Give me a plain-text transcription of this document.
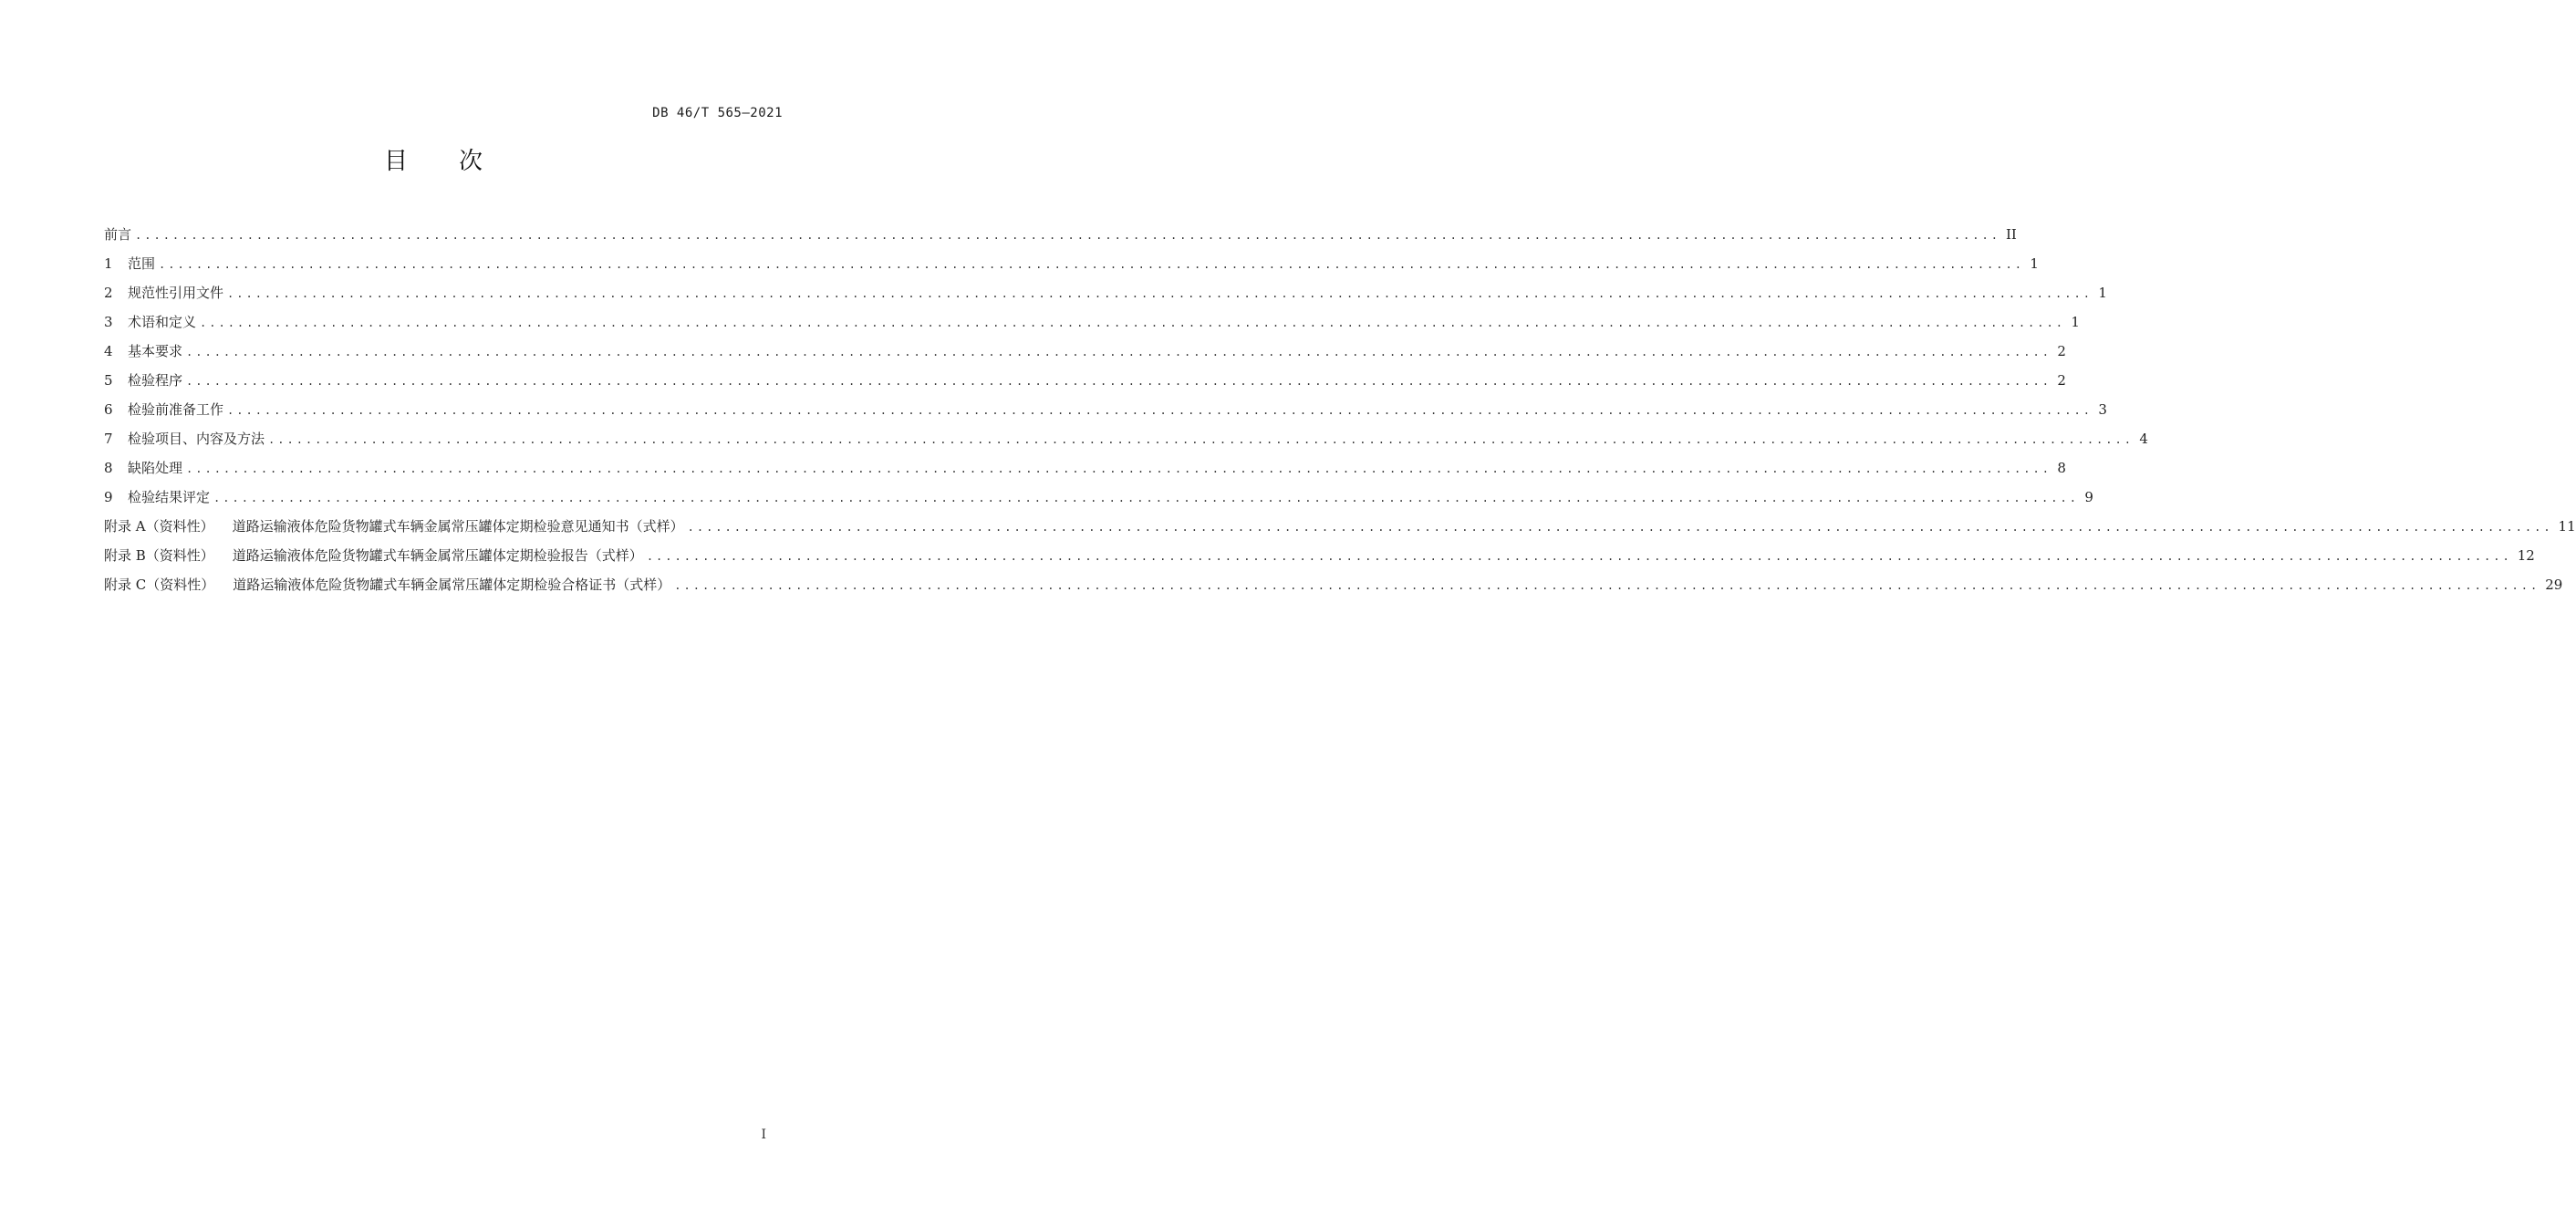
DB 46/T 565—2021
目次
前言 ........................................................................................................................................................................................................ II
1	范围 ........................................................................................................................................................................................................ 1
2	规范性引用文件 ........................................................................................................................................................................................................ 1
3	术语和定义 ........................................................................................................................................................................................................ 1
4	基本要求 ........................................................................................................................................................................................................ 2
5	检验程序 ........................................................................................................................................................................................................ 2
6	检验前准备工作 ........................................................................................................................................................................................................ 3
7	检验项目、内容及方法 ........................................................................................................................................................................................................ 4
8	缺陷处理 ........................................................................................................................................................................................................ 8
9	检验结果评定 ........................................................................................................................................................................................................ 9
附录 A（资料性） 道路运输液体危险货物罐式车辆金属常压罐体定期检验意见通知书（式样） ........................................................................................................................................................................................................ 11
附录 B（资料性） 道路运输液体危险货物罐式车辆金属常压罐体定期检验报告（式样） ........................................................................................................................................................................................................ 12
附录 C（资料性） 道路运输液体危险货物罐式车辆金属常压罐体定期检验合格证书（式样） ........................................................................................................................................................................................................ 29
I
